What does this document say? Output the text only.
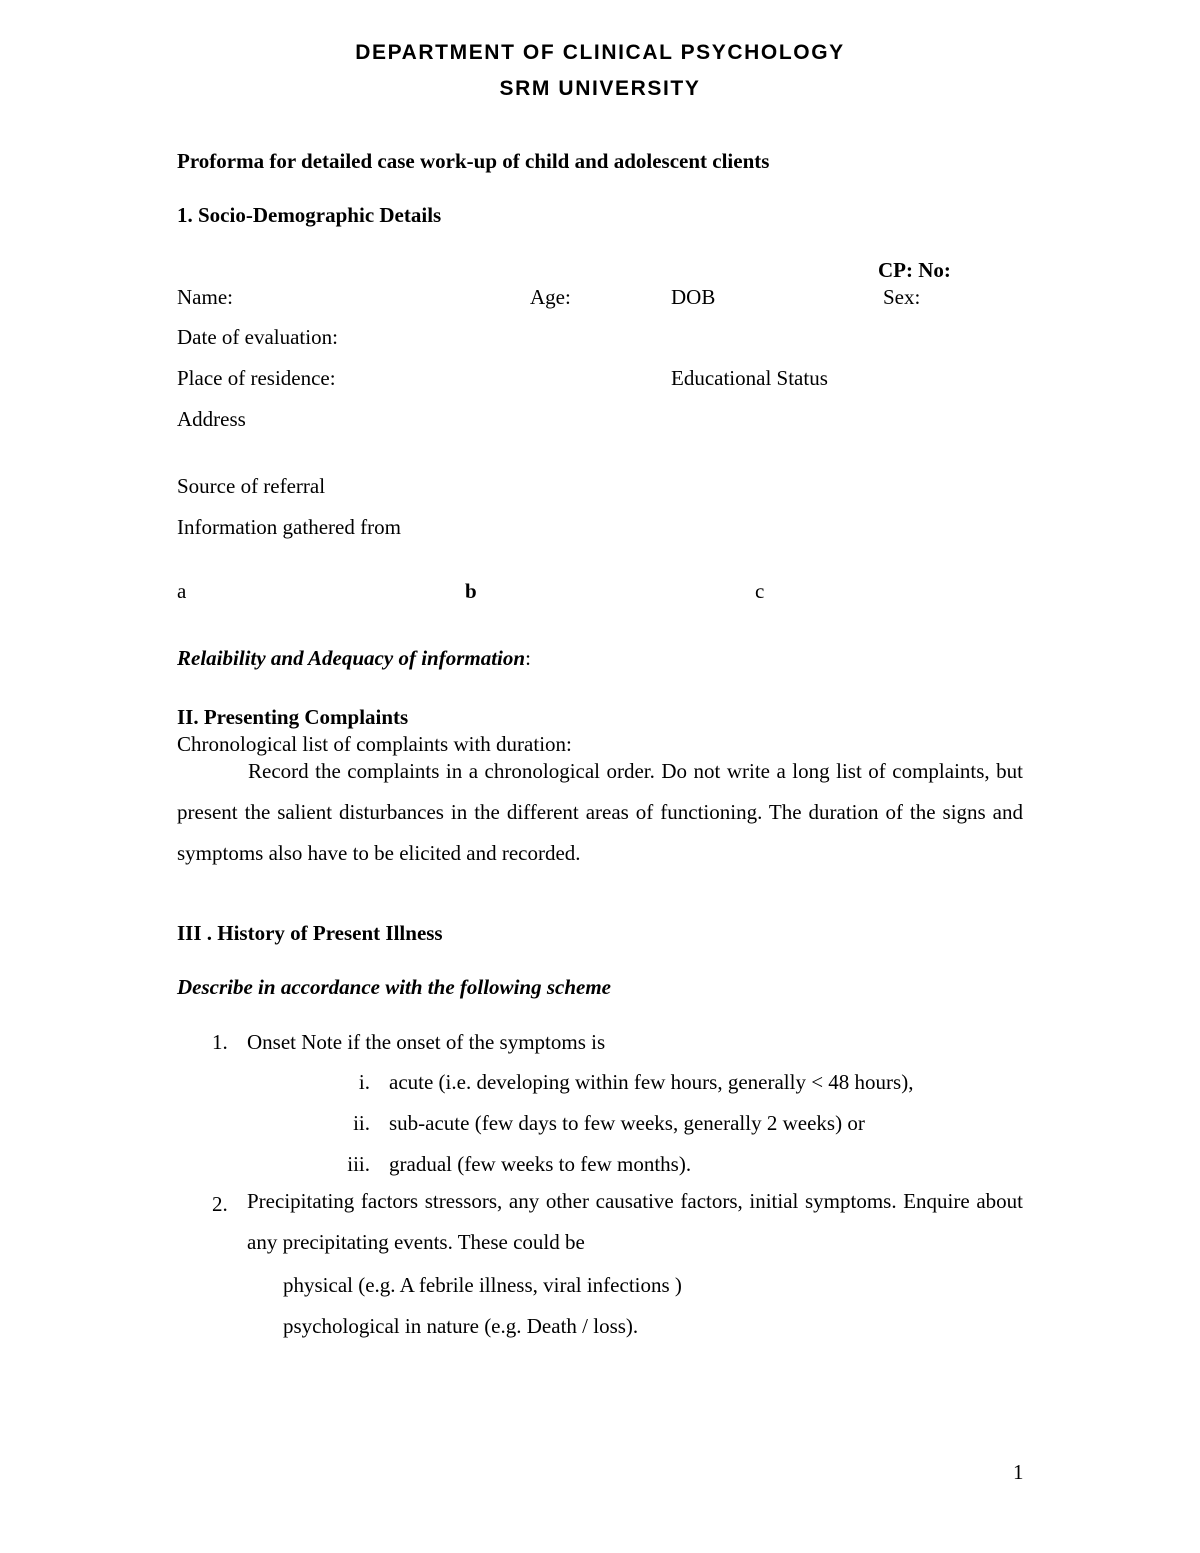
DEPARTMENT OF CLINICAL PSYCHOLOGY
SRM UNIVERSITY
Proforma for detailed case work-up of child and adolescent clients
1. Socio-Demographic Details
CP: No:
Name:	Age:	DOB	Sex:
Date of evaluation:
Place of residence:	Educational Status
Address
Source of referral
Information gathered from
a	b	c
Relaibility and Adequacy of information:
II. Presenting Complaints
Chronological list of complaints with duration:
Record the complaints in a chronological order. Do not write a long list of complaints, but present the salient disturbances in the different areas of functioning. The duration of the signs and symptoms also have to be elicited and recorded.
III . History of Present Illness
Describe in accordance with the following scheme
1. Onset Note if the onset of the symptoms is
i. acute (i.e. developing within few hours, generally < 48 hours),
ii. sub-acute (few days to few weeks, generally 2 weeks) or
iii. gradual (few weeks to few months).
2. Precipitating factors stressors, any other causative factors, initial symptoms. Enquire about any precipitating events. These could be
physical (e.g. A febrile illness, viral infections )
psychological in nature (e.g. Death / loss).
1
